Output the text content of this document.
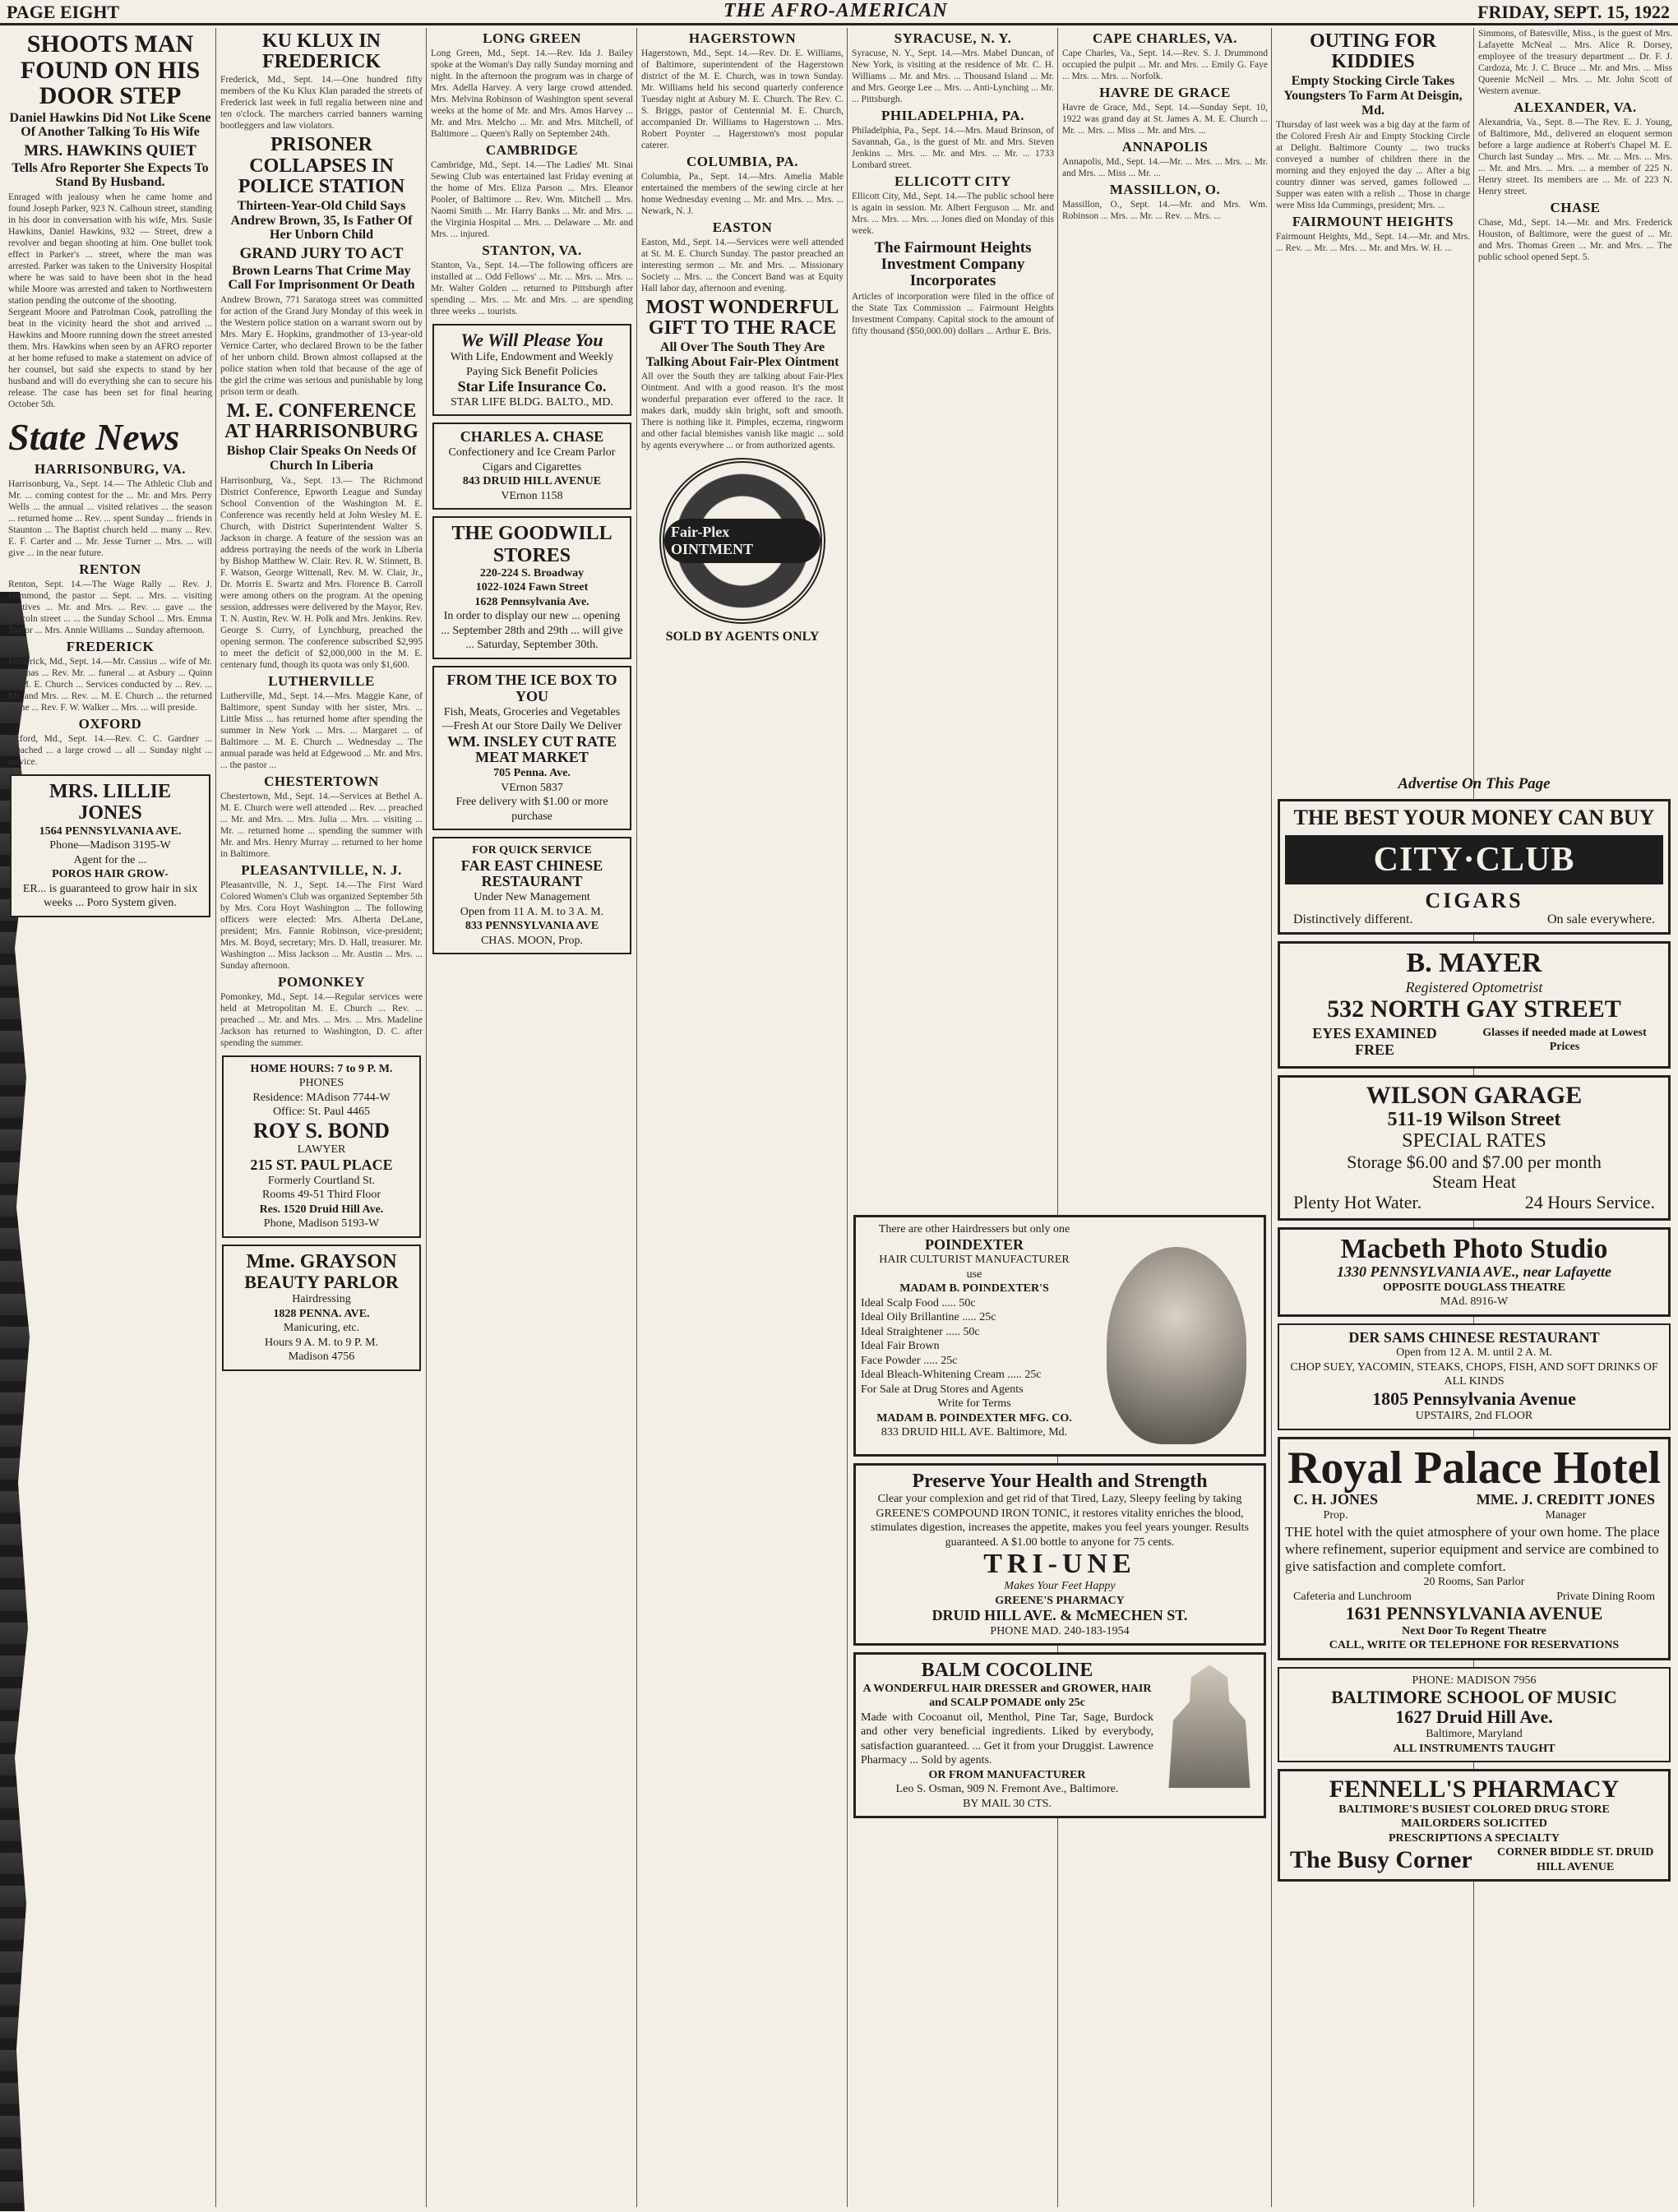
PAGE EIGHT	THE AFRO-AMERICAN	FRIDAY, SEPT. 15, 1922
SHOOTS MAN FOUND ON HIS DOOR STEP
Daniel Hawkins Did Not Like Scene Of Another Talking To His Wife
MRS. HAWKINS QUIET
Tells Afro Reporter She Expects To Stand By Husband.
Enraged with jealousy when he came home and found Joseph Parker, 923 N. Calhoun street, standing in his door in conversation with his wife, Mrs. Susie Hawkins, Daniel Hawkins, 932 — Street, drew a revolver and began shooting at him. One bullet took effect in Parker's ... street, where the man was arrested. Parker was taken to the University Hospital where he was said to have been shot in the head while Moore was arrested and taken to Northwestern station pending the outcome of the shooting.
Sergeant Moore and Patrolman Cook, patrolling the beat in the vicinity heard the shot and arrived ... Hawkins and Moore running down the street arrested them. Mrs. Hawkins when seen by an AFRO reporter at her home refused to make a statement on advice of her counsel, but said she expects to stand by her husband and will do everything she can to secure his release. The case has been set for final hearing October 5th.
State News
HARRISONBURG, VA.
Harrisonburg, Va., Sept. 14.— The Athletic Club and Mr. ... coming contest for the ... Mr. and Mrs. Perry Wells ... the annual ... visited relatives ... the season ... returned home ... Rev. ... spent Sunday ... friends in Staunton ... The Baptist church held ... many ... Rev. E. F. Carter and ... Mr. Jesse Turner ... Mrs. ... will give ... in the near future.
RENTON
Renton, Sept. 14.—The Wage Rally ... Rev. J. Hammond, the pastor ... Sept. ... Mrs. ... visiting relatives ... Mr. and Mrs. ... Rev. ... gave ... the Lincoln street ... ... the Sunday School ... Mrs. Emma Taylor ... Mrs. Annie Williams ... Sunday afternoon.
FREDERICK
Frederick, Md., Sept. 14.—Mr. Cassius ... wife of Mr. Thomas ... Rev. Mr. ... funeral ... at Asbury ... Quinn A. M. E. Church ... Services conducted by ... Rev. ... Mr. and Mrs. ... Rev. ... M. E. Church ... the returned home ... Rev. F. W. Walker ... Mrs. ... will preside.
OXFORD
Oxford, Md., Sept. 14.—Rev. C. C. Gardner ... preached ... a large crowd ... all ... Sunday night ... service.
MRS. LILLIE JONES
1564 PENNSYLVANIA AVE.
Phone—Madison 3195-W
Agent for the ...
POROS HAIR GROW-
ER... is guaranteed to grow hair in six weeks ... Poro System given.
KU KLUX IN FREDERICK
Frederick, Md., Sept. 14.—One hundred fifty members of the Ku Klux Klan paraded the streets of Frederick last week in full regalia between nine and ten o'clock. The marchers carried banners warning bootleggers and law violators.
PRISONER COLLAPSES IN POLICE STATION
Thirteen-Year-Old Child Says Andrew Brown, 35, Is Father Of Her Unborn Child
GRAND JURY TO ACT
Brown Learns That Crime May Call For Imprisonment Or Death
Andrew Brown, 771 Saratoga street was committed for action of the Grand Jury Monday of this week in the Western police station on a warrant sworn out by Mrs. Mary E. Hopkins, grandmother of 13-year-old Vernice Carter, who declared Brown to be the father of her unborn child. Brown almost collapsed at the police station when told that because of the age of the girl the crime was serious and punishable by long prison term or death.
M. E. CONFERENCE AT HARRISONBURG
Bishop Clair Speaks On Needs Of Church In Liberia
Harrisonburg, Va., Sept. 13.— The Richmond District Conference, Epworth League and Sunday School Convention of the Washington M. E. Conference was recently held at John Wesley M. E. Church, with District Superintendent Walter S. Jackson in charge. A feature of the session was an address portraying the needs of the work in Liberia by Bishop Matthew W. Clair. Rev. R. W. Stinnett, B. F. Watson, George Wittenall, Rev. M. W. Clair, Jr., Dr. Morris E. Swartz and Mrs. Florence B. Carroll were among others on the program. At the opening session, addresses were delivered by the Mayor, Rev. T. N. Austin, Rev. W. H. Polk and Mrs. Jenkins. Rev. George S. Curry, of Lynchburg, preached the opening sermon. The conference subscribed $2,995 to meet the deficit of $2,000,000 in the M. E. centenary fund, though its quota was only $1,600.
LUTHERVILLE
Lutherville, Md., Sept. 14.—Mrs. Maggie Kane, of Baltimore, spent Sunday with her sister, Mrs. ... Little Miss ... has returned home after spending the summer in New York ... Mrs. ... Margaret ... of Baltimore ... M. E. Church ... Wednesday ... The annual parade was held at Edgewood ... Mr. and Mrs. ... the pastor ...
CHESTERTOWN
Chestertown, Md., Sept. 14.—Services at Bethel A. M. E. Church were well attended ... Rev. ... preached ... Mr. and Mrs. ... Mrs. Julia ... Mrs. ... visiting ... Mr. ... returned home ... spending the summer with Mr. and Mrs. Henry Murray ... returned to her home in Baltimore.
PLEASANTVILLE, N. J.
Pleasantville, N. J., Sept. 14.—The First Ward Colored Women's Club was organized September 5th by Mrs. Cora Hoyt Washington ... The following officers were elected: Mrs. Alberta DeLane, president; Mrs. Fannie Robinson, vice-president; Mrs. M. Boyd, secretary; Mrs. D. Hall, treasurer. Mr. Washington ... Miss Jackson ... Mr. Austin ... Mrs. ... Sunday afternoon.
POMONKEY
Pomonkey, Md., Sept. 14.—Regular services were held at Metropolitan M. E. Church ... Rev. ... preached ... Mr. and Mrs. ... Mrs. ... Mrs. Madeline Jackson has returned to Washington, D. C. after spending the summer.
HOME HOURS: 7 to 9 P. M.
PHONES
Residence: MAdison 7744-W
Office: St. Paul 4465
ROY S. BOND
LAWYER
215 ST. PAUL PLACE
Formerly Courtland St.
Rooms 49-51 Third Floor
Res. 1520 Druid Hill Ave.
Phone, Madison 5193-W
Mme. GRAYSON
BEAUTY PARLOR
Hairdressing
1828 PENNA. AVE.
Manicuring, etc.
Hours 9 A. M. to 9 P. M.
Madison 4756
LONG GREEN
Long Green, Md., Sept. 14.—Rev. Ida J. Bailey spoke at the Woman's Day rally Sunday morning and night. In the afternoon the program was in charge of Mrs. Adella Harvey. A very large crowd attended. Mrs. Melvina Robinson of Washington spent several weeks at the home of Mr. and Mrs. Amos Harvey ... Mr. and Mrs. Melcho ... Mr. and Mrs. Mitchell, of Baltimore ... Queen's Rally on September 24th.
CAMBRIDGE
Cambridge, Md., Sept. 14.—The Ladies' Mt. Sinai Sewing Club was entertained last Friday evening at the home of Mrs. Eliza Parson ... Mrs. Eleanor Pooler, of Baltimore ... Rev. Wm. Mitchell ... Mrs. Naomi Smith ... Mr. Harry Banks ... Mr. and Mrs. ... the Virginia Hospital ... Mrs. ... Delaware ... Mr. and Mrs. ... injured.
STANTON, VA.
Stanton, Va., Sept. 14.—The following officers are installed at ... Odd Fellows' ... Mr. ... Mrs. ... Mrs. ... Mr. Walter Golden ... returned to Pittsburgh after spending ... Mrs. ... Mr. and Mrs. ... are spending three weeks ... tourists.
We Will Please You
With Life, Endowment and Weekly Paying Sick Benefit Policies
Star Life Insurance Co.
STAR LIFE BLDG. BALTO., MD.
CHARLES A. CHASE
Confectionery and Ice Cream Parlor
Cigars and Cigarettes
843 DRUID HILL AVENUE
VErnon 1158
THE GOODWILL STORES
220-224 S. Broadway
1022-1024 Fawn Street
1628 Pennsylvania Ave.
In order to display our new ... opening ... September 28th and 29th ... will give ... Saturday, September 30th.
FROM THE ICE BOX TO YOU
Fish, Meats, Groceries and Vegetables—Fresh At our Store Daily We Deliver
WM. INSLEY CUT RATE MEAT MARKET
705 Penna. Ave.
VErnon 5837
Free delivery with $1.00 or more purchase
FOR QUICK SERVICE
FAR EAST CHINESE RESTAURANT
Under New Management
Open from 11 A. M. to 3 A. M.
833 PENNSYLVANIA AVE
CHAS. MOON, Prop.
HAGERSTOWN
Hagerstown, Md., Sept. 14.—Rev. Dr. E. Williams, of Baltimore, superintendent of the Hagerstown district of the M. E. Church, was in town Sunday. Mr. Williams held his second quarterly conference Tuesday night at Asbury M. E. Church. The Rev. C. S. Briggs, pastor of Centennial M. E. Church, accompanied Dr. Williams to Hagerstown ... Mrs. Robert Poynter ... Hagerstown's most popular caterer.
COLUMBIA, PA.
Columbia, Pa., Sept. 14.—Mrs. Amelia Mable entertained the members of the sewing circle at her home Wednesday evening ... Mr. and Mrs. ... Mrs. ... Newark, N. J.
EASTON
Easton, Md., Sept. 14.—Services were well attended at St. M. E. Church Sunday. The pastor preached an interesting sermon ... Mr. and Mrs. ... Missionary Society ... Mrs. ... the Concert Band was at Equity Hall labor day, afternoon and evening.
MOST WONDERFUL GIFT TO THE RACE
All Over The South They Are Talking About Fair-Plex Ointment
All over the South they are talking about Fair-Plex Ointment. And with a good reason. It's the most wonderful preparation ever offered to the race. It makes dark, muddy skin bright, soft and smooth. There is nothing like it. Pimples, eczema, ringworm and other facial blemishes vanish like magic ... sold by agents everywhere ... or from authorized agents.
Fair-Plex OINTMENT
SOLD BY AGENTS ONLY
SYRACUSE, N. Y.
Syracuse, N. Y., Sept. 14.—Mrs. Mabel Duncan, of New York, is visiting at the residence of Mr. C. H. Williams ... Mr. and Mrs. ... Thousand Island ... Mr. and Mrs. George Lee ... Mrs. ... Anti-Lynching ... Mr. ... Pittsburgh.
PHILADELPHIA, PA.
Philadelphia, Pa., Sept. 14.—Mrs. Maud Brinson, of Savannah, Ga., is the guest of Mr. and Mrs. Steven Jenkins ... Mrs. ... Mr. and Mrs. ... Mr. ... 1733 Lombard street.
ELLICOTT CITY
Ellicott City, Md., Sept. 14.—The public school here is again in session. Mr. Albert Ferguson ... Mr. and Mrs. ... Mrs. ... Mrs. ... Jones died on Monday of this week.
The Fairmount Heights Investment Company Incorporates
Articles of incorporation were filed in the office of the State Tax Commission ... Fairmount Heights Investment Company. Capital stock to the amount of fifty thousand ($50,000.00) dollars ... Arthur E. Bris.
CAPE CHARLES, VA.
Cape Charles, Va., Sept. 14.—Rev. S. J. Drummond occupied the pulpit ... Mr. and Mrs. ... Emily G. Faye ... Mrs. ... Mrs. ... Norfolk.
HAVRE DE GRACE
Havre de Grace, Md., Sept. 14.—Sunday Sept. 10, 1922 was grand day at St. James A. M. E. Church ... Mr. ... Mrs. ... Miss ... Mr. and Mrs. ...
ANNAPOLIS
Annapolis, Md., Sept. 14.—Mr. ... Mrs. ... Mrs. ... Mr. and Mrs. ... Miss ... Mr. ...
MASSILLON, O.
Massillon, O., Sept. 14.—Mr. and Mrs. Wm. Robinson ... Mrs. ... Mr. ... Rev. ... Mrs. ...
There are other Hairdressers but only one
POINDEXTER
HAIR CULTURIST MANUFACTURER
use
MADAM B. POINDEXTER'S
Ideal Scalp Food ..... 50c
Ideal Oily Brillantine ..... 25c
Ideal Straightener ..... 50c
Ideal Fair Brown
Face Powder ..... 25c
Ideal Bleach-Whitening Cream ..... 25c
For Sale at Drug Stores and Agents
Write for Terms
MADAM B. POINDEXTER MFG. CO.
833 DRUID HILL AVE. Baltimore, Md.
Preserve Your Health and Strength
Clear your complexion and get rid of that Tired, Lazy, Sleepy feeling by taking GREENE'S COMPOUND IRON TONIC, it restores vitality enriches the blood, stimulates digestion, increases the appetite, makes you feel years younger. Results guaranteed. A $1.00 bottle to anyone for 75 cents.
TRI-UNE
Makes Your Feet Happy
GREENE'S PHARMACY
DRUID HILL AVE. & McMECHEN ST.
PHONE MAD. 240-183-1954
BALM COCOLINE
A WONDERFUL HAIR DRESSER and GROWER, HAIR and SCALP POMADE only 25c
Made with Cocoanut oil, Menthol, Pine Tar, Sage, Burdock and other very beneficial ingredients. Liked by everybody, satisfaction guaranteed. ... Get it from your Druggist. Lawrence Pharmacy ... Sold by agents.
OR FROM MANUFACTURER
Leo S. Osman, 909 N. Fremont Ave., Baltimore.
BY MAIL 30 CTS.
OUTING FOR KIDDIES
Empty Stocking Circle Takes Youngsters To Farm At Deisgin, Md.
Thursday of last week was a big day at the farm of the Colored Fresh Air and Empty Stocking Circle at Delight. Baltimore County ... two trucks conveyed a number of children there in the morning and they enjoyed the day ... After a big country dinner was served, games followed ... Supper was eaten with a relish ... Those in charge were Miss Ida Cummings, president; Mrs. ...
FAIRMOUNT HEIGHTS
Fairmount Heights, Md., Sept. 14.—Mr. and Mrs. ... Rev. ... Mr. ... Mrs. ... Mr. and Mrs. W. H. ...
Simmons, of Batesville, Miss., is the guest of Mrs. Lafayette McNeal ... Mrs. Alice R. Dorsey, employee of the treasury department ... Dr. F. J. Cardoza, Mr. J. C. Bruce ... Mr. and Mrs. ... Miss Queenie McNeil ... Mrs. ... Mr. John Scott of Western avenue.
ALEXANDER, VA.
Alexandria, Va., Sept. 8.—The Rev. E. J. Young, of Baltimore, Md., delivered an eloquent sermon before a large audience at Robert's Chapel M. E. Church last Sunday ... Mrs. ... Mr. ... Mrs. ... Mrs. ... Mr. and Mrs. ... Mrs. ... a member of 225 N. Henry street. Its members are ... Mr. of 223 N. Henry street.
CHASE
Chase, Md., Sept. 14.—Mr. and Mrs. Frederick Houston, of Baltimore, were the guest of ... Mr. and Mrs. Thomas Green ... Mr. and Mrs. ... The public school opened Sept. 5.
Advertise On This Page
THE BEST YOUR MONEY CAN BUY
CITY·CLUB
CIGARS
Distinctively different.	On sale everywhere.
B. MAYER
Registered Optometrist
532 NORTH GAY STREET
EYES EXAMINED FREE
Glasses if needed made at Lowest Prices
WILSON GARAGE
511-19 Wilson Street
SPECIAL RATES
Storage $6.00 and $7.00 per month
Steam Heat
Plenty Hot Water.	24 Hours Service.
Macbeth Photo Studio
1330 PENNSYLVANIA AVE., near Lafayette
OPPOSITE DOUGLASS THEATRE
MAd. 8916-W
DER SAMS CHINESE RESTAURANT
Open from 12 A. M. until 2 A. M.
CHOP SUEY, YACOMIN, STEAKS, CHOPS, FISH, AND SOFT DRINKS OF ALL KINDS
1805 Pennsylvania Avenue
UPSTAIRS, 2nd FLOOR
Royal Palace Hotel
C. H. JONES
Prop.
MME. J. CREDITT JONES
Manager
THE hotel with the quiet atmosphere of your own home. The place where refinement, superior equipment and service are combined to give satisfaction and complete comfort.
20 Rooms, San Parlor
Cafeteria and Lunchroom	Private Dining Room
1631 PENNSYLVANIA AVENUE
Next Door To Regent Theatre
CALL, WRITE OR TELEPHONE FOR RESERVATIONS
PHONE: MADISON 7956
BALTIMORE SCHOOL OF MUSIC
1627 Druid Hill Ave.
Baltimore, Maryland
ALL INSTRUMENTS TAUGHT
FENNELL'S PHARMACY
BALTIMORE'S BUSIEST COLORED DRUG STORE
MAILORDERS SOLICITED
PRESCRIPTIONS A SPECIALTY
The Busy Corner	CORNER BIDDLE ST. DRUID HILL AVENUE
